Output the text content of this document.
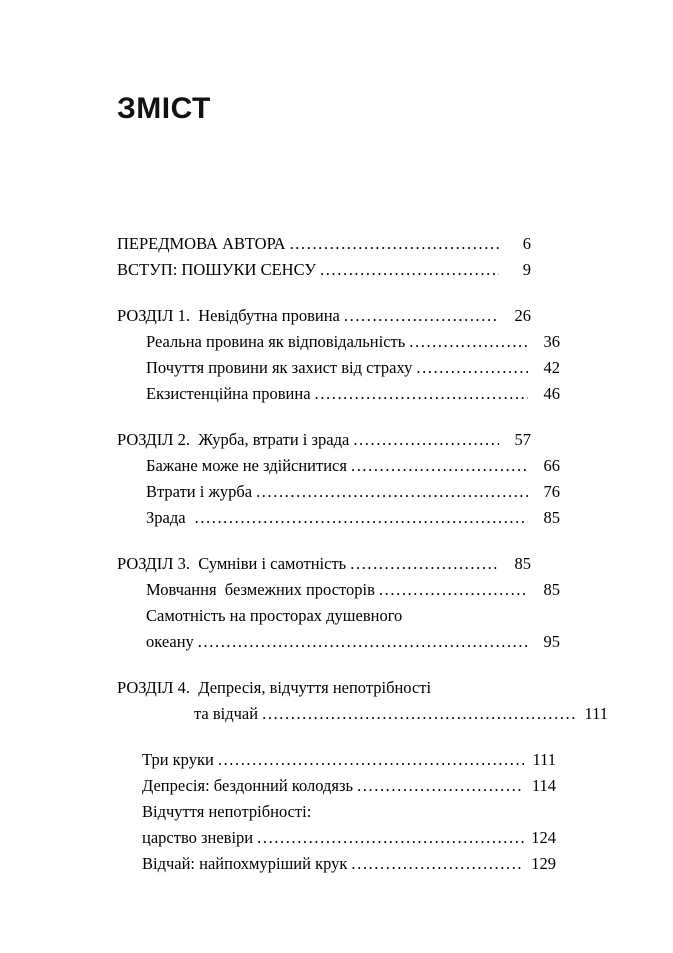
ЗМІСТ
ПЕРЕДМОВА АВТОРА .....	6
ВСТУП: ПОШУКИ СЕНСУ .....	9
РОЗДІЛ 1.  Невідбутна провина .....	26
Реальна провина як відповідальність .....	36
Почуття провини як захист від страху .....	42
Екзистенційна провина .....	46
РОЗДІЛ 2.  Журба, втрати і зрада .....	57
Бажане може не здійснитися .....	66
Втрати і журба .....	76
Зрада .....	85
РОЗДІЛ 3.  Сумніви і самотність .....	85
Мовчання  безмежних просторів .....	85
Самотність на просторах душевного
океану .....	95
РОЗДІЛ 4.  Депресія, відчуття непотрібності
та відчай .....	111
Три круки .....	111
Депресія: бездонний колодязь .....	114
Відчуття непотрібності:
царство зневіри .....	124
Відчай: найпохмуріший крук .....	129
